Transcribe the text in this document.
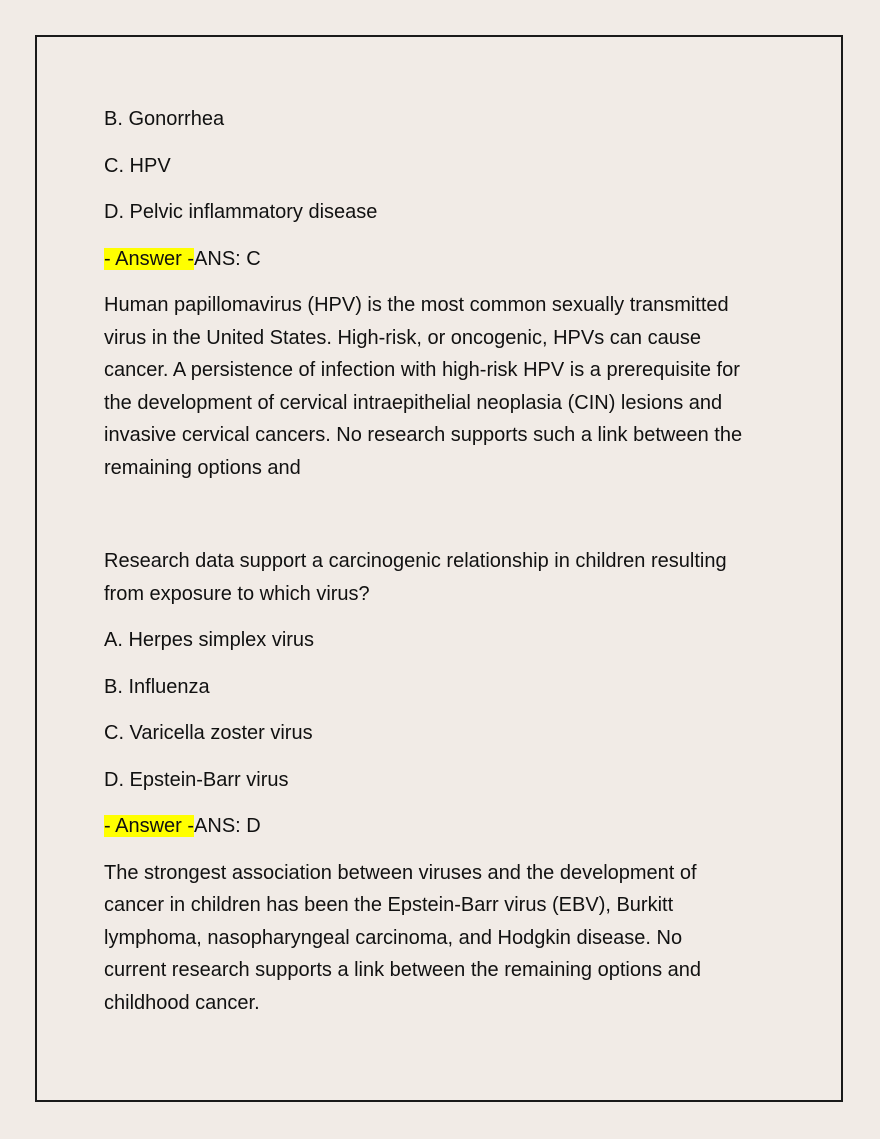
B. Gonorrhea

C. HPV

D. Pelvic inflammatory disease

- Answer -ANS: C

Human papillomavirus (HPV) is the most common sexually transmitted
virus in the United States. High-risk, or oncogenic, HPVs can cause
cancer. A persistence of infection with high-risk HPV is a prerequisite for
the development of cervical intraepithelial neoplasia (CIN) lesions and
invasive cervical cancers. No research supports such a link between the
remaining options and
Research data support a carcinogenic relationship in children resulting
from exposure to which virus?

A. Herpes simplex virus

B. Influenza

C. Varicella zoster virus

D. Epstein-Barr virus

- Answer -ANS: D

The strongest association between viruses and the development of
cancer in children has been the Epstein-Barr virus (EBV), Burkitt
lymphoma, nasopharyngeal carcinoma, and Hodgkin disease. No
current research supports a link between the remaining options and
childhood cancer.
